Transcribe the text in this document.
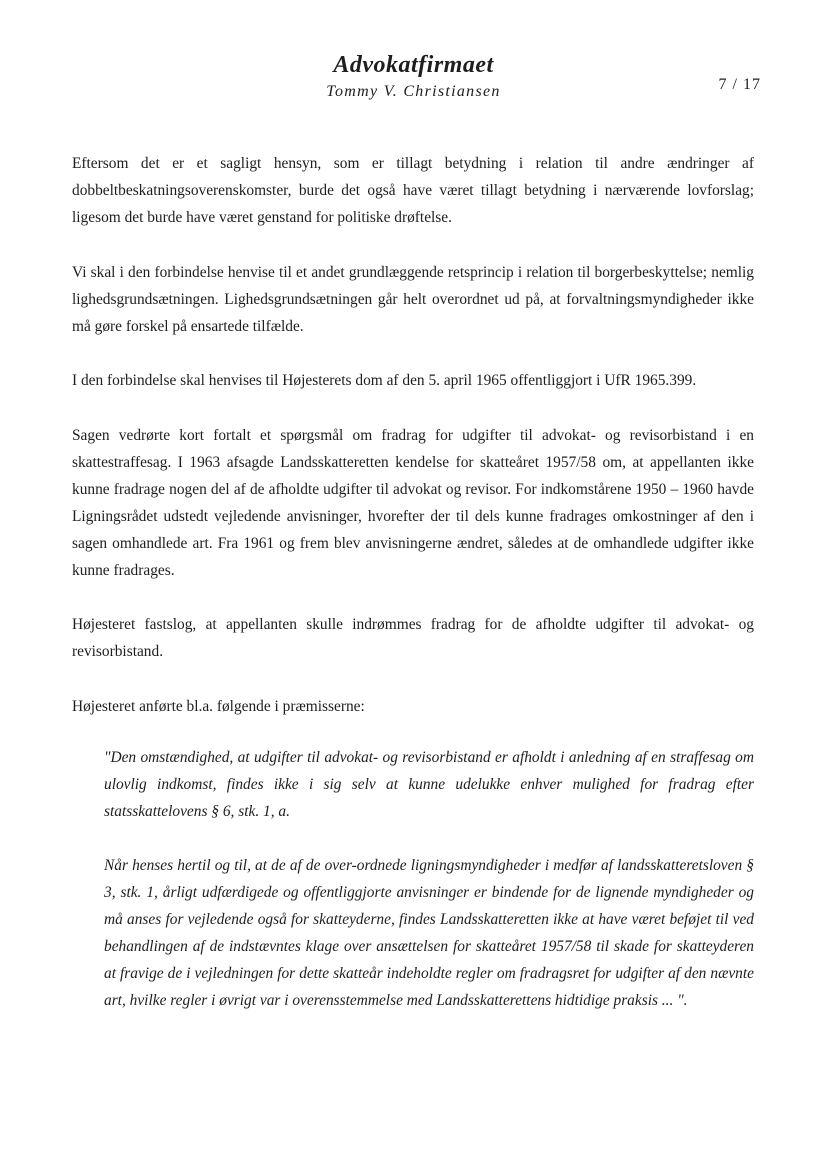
Advokatfirmaet
Tommy V. Christiansen	7 / 17

Eftersom det er et sagligt hensyn, som er tillagt betydning i relation til andre ændringer af dobbeltbeskatningsoverenskomster, burde det også have været tillagt betydning i nærværende lovforslag; ligesom det burde have været genstand for politiske drøftelse.

Vi skal i den forbindelse henvise til et andet grundlæggende retsprincip i relation til borgerbeskyttelse; nemlig lighedsgrundsætningen. Lighedsgrundsætningen går helt overordnet ud på, at forvaltningsmyndigheder ikke må gøre forskel på ensartede tilfælde.

I den forbindelse skal henvises til Højesterets dom af den 5. april 1965 offentliggjort i UfR 1965.399.

Sagen vedrørte kort fortalt et spørgsmål om fradrag for udgifter til advokat- og revisorbistand i en skattestraffesag. I 1963 afsagde Landsskatteretten kendelse for skatteåret 1957/58 om, at appellanten ikke kunne fradrage nogen del af de afholdte udgifter til advokat og revisor. For indkomstårene 1950 – 1960 havde Ligningsrådet udstedt vejledende anvisninger, hvorefter der til dels kunne fradrages omkostninger af den i sagen omhandlede art. Fra 1961 og frem blev anvisningerne ændret, således at de omhandlede udgifter ikke kunne fradrages.

Højesteret fastslog, at appellanten skulle indrømmes fradrag for de afholdte udgifter til advokat- og revisorbistand.

Højesteret anførte bl.a. følgende i præmisserne:

"Den omstændighed, at udgifter til advokat- og revisorbistand er afholdt i anledning af en straffesag om ulovlig indkomst, findes ikke i sig selv at kunne udelukke enhver mulighed for fradrag efter statsskattelovens § 6, stk. 1, a.

Når henses hertil og til, at de af de over-ordnede ligningsmyndigheder i medfør af landsskatteretsloven § 3, stk. 1, årligt udfærdigede og offentliggjorte anvisninger er bindende for de lignende myndigheder og må anses for vejledende også for skatteyderne, findes Landsskatteretten ikke at have været beføjet til ved behandlingen af de indstævntes klage over ansættelsen for skatteåret 1957/58 til skade for skatteyderen at fravige de i vejledningen for dette skatteår indeholdte regler om fradragsret for udgifter af den nævnte art, hvilke regler i øvrigt var i overensstemmelse med Landsskatterettens hidtidige praksis ... ".
